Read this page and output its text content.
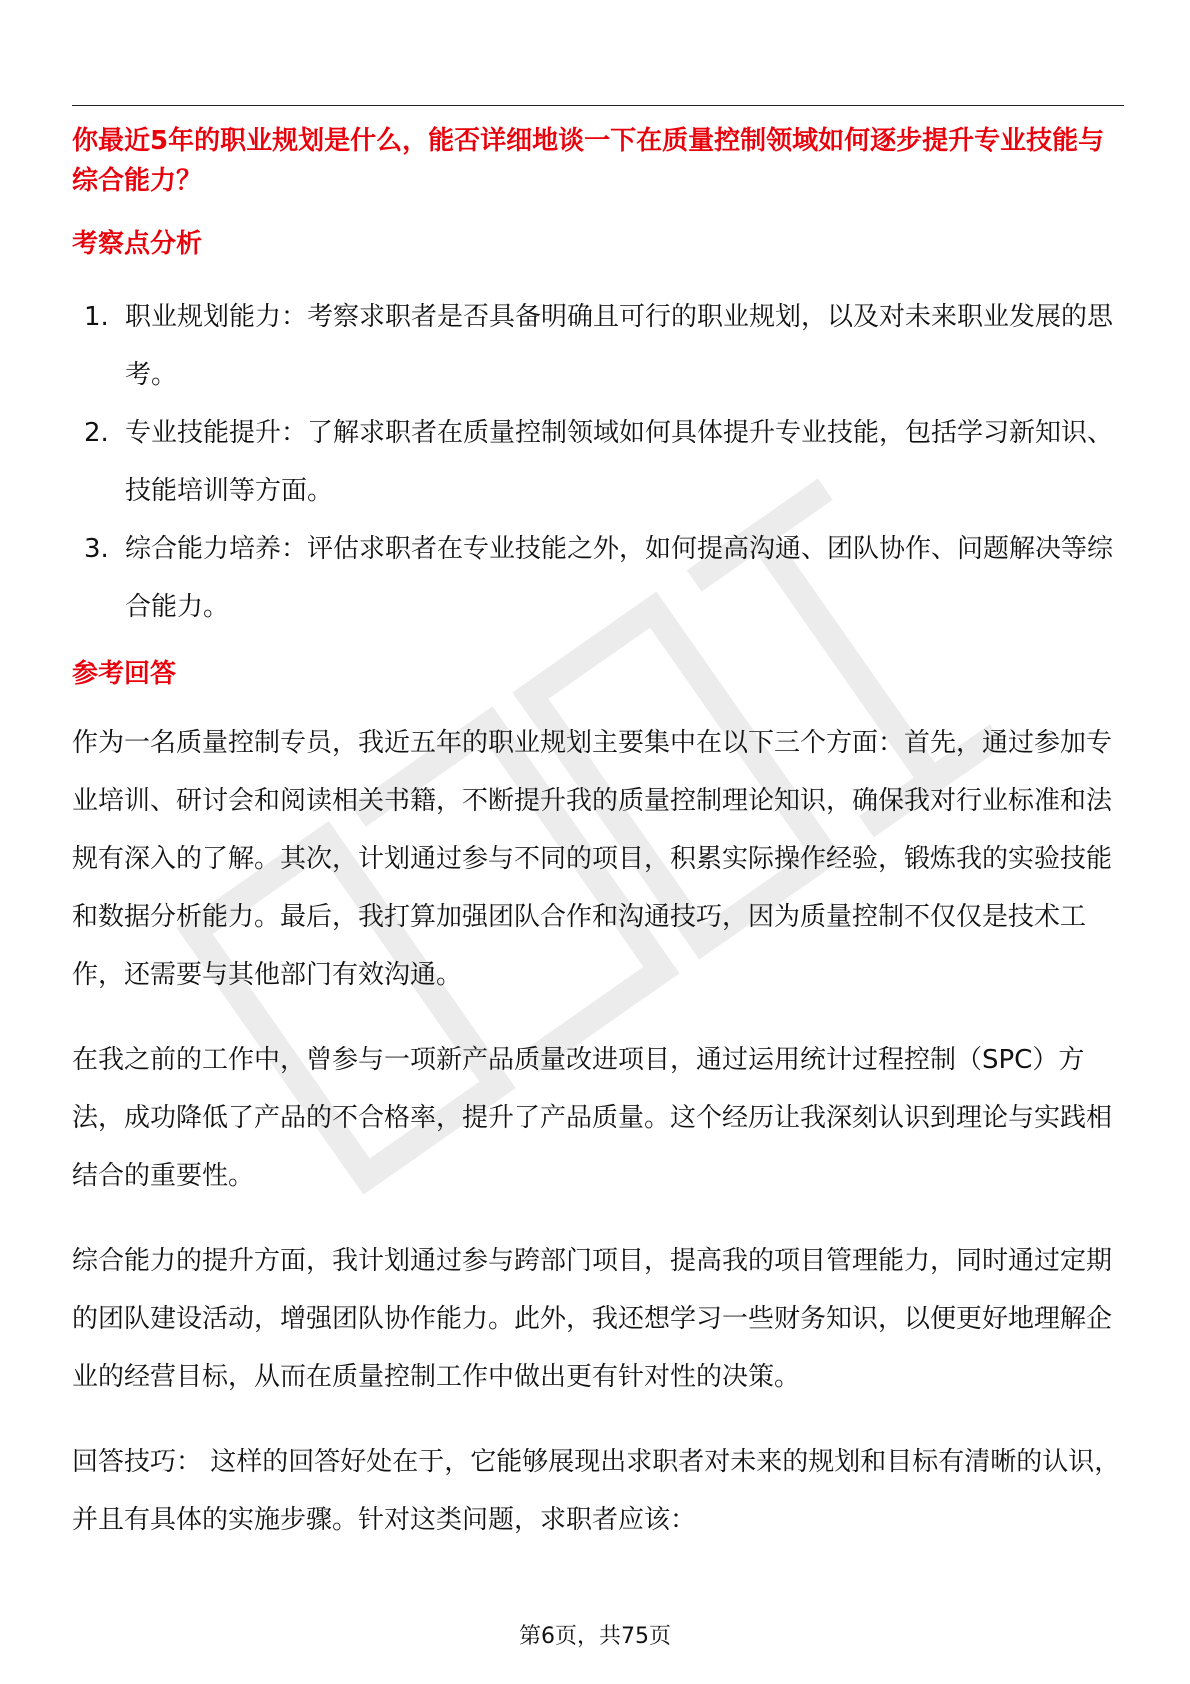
你最近5年的职业规划是什么，能否详细地谈一下在质量控制领域如何逐步提升专业技能与综合能力？

考察点分析
1. 职业规划能力：考察求职者是否具备明确且可行的职业规划，以及对未来职业发展的思考。
2. 专业技能提升：了解求职者在质量控制领域如何具体提升专业技能，包括学习新知识、技能培训等方面。
3. 综合能力培养：评估求职者在专业技能之外，如何提高沟通、团队协作、问题解决等综合能力。
参考回答

作为一名质量控制专员，我近五年的职业规划主要集中在以下三个方面：首先，通过参加专业培训、研讨会和阅读相关书籍，不断提升我的质量控制理论知识，确保我对行业标准和法规有深入的了解。其次，计划通过参与不同的项目，积累实际操作经验，锻炼我的实验技能和数据分析能力。最后，我打算加强团队合作和沟通技巧，因为质量控制不仅仅是技术工作，还需要与其他部门有效沟通。

在我之前的工作中，曾参与一项新产品质量改进项目，通过运用统计过程控制（SPC）方法，成功降低了产品的不合格率，提升了产品质量。这个经历让我深刻认识到理论与实践相结合的重要性。

综合能力的提升方面，我计划通过参与跨部门项目，提高我的项目管理能力，同时通过定期的团队建设活动，增强团队协作能力。此外，我还想学习一些财务知识，以便更好地理解企业的经营目标，从而在质量控制工作中做出更有针对性的决策。

回答技巧： 这样的回答好处在于，它能够展现出求职者对未来的规划和目标有清晰的认识，并且有具体的实施步骤。针对这类问题，求职者应该：

第6页，共75页
